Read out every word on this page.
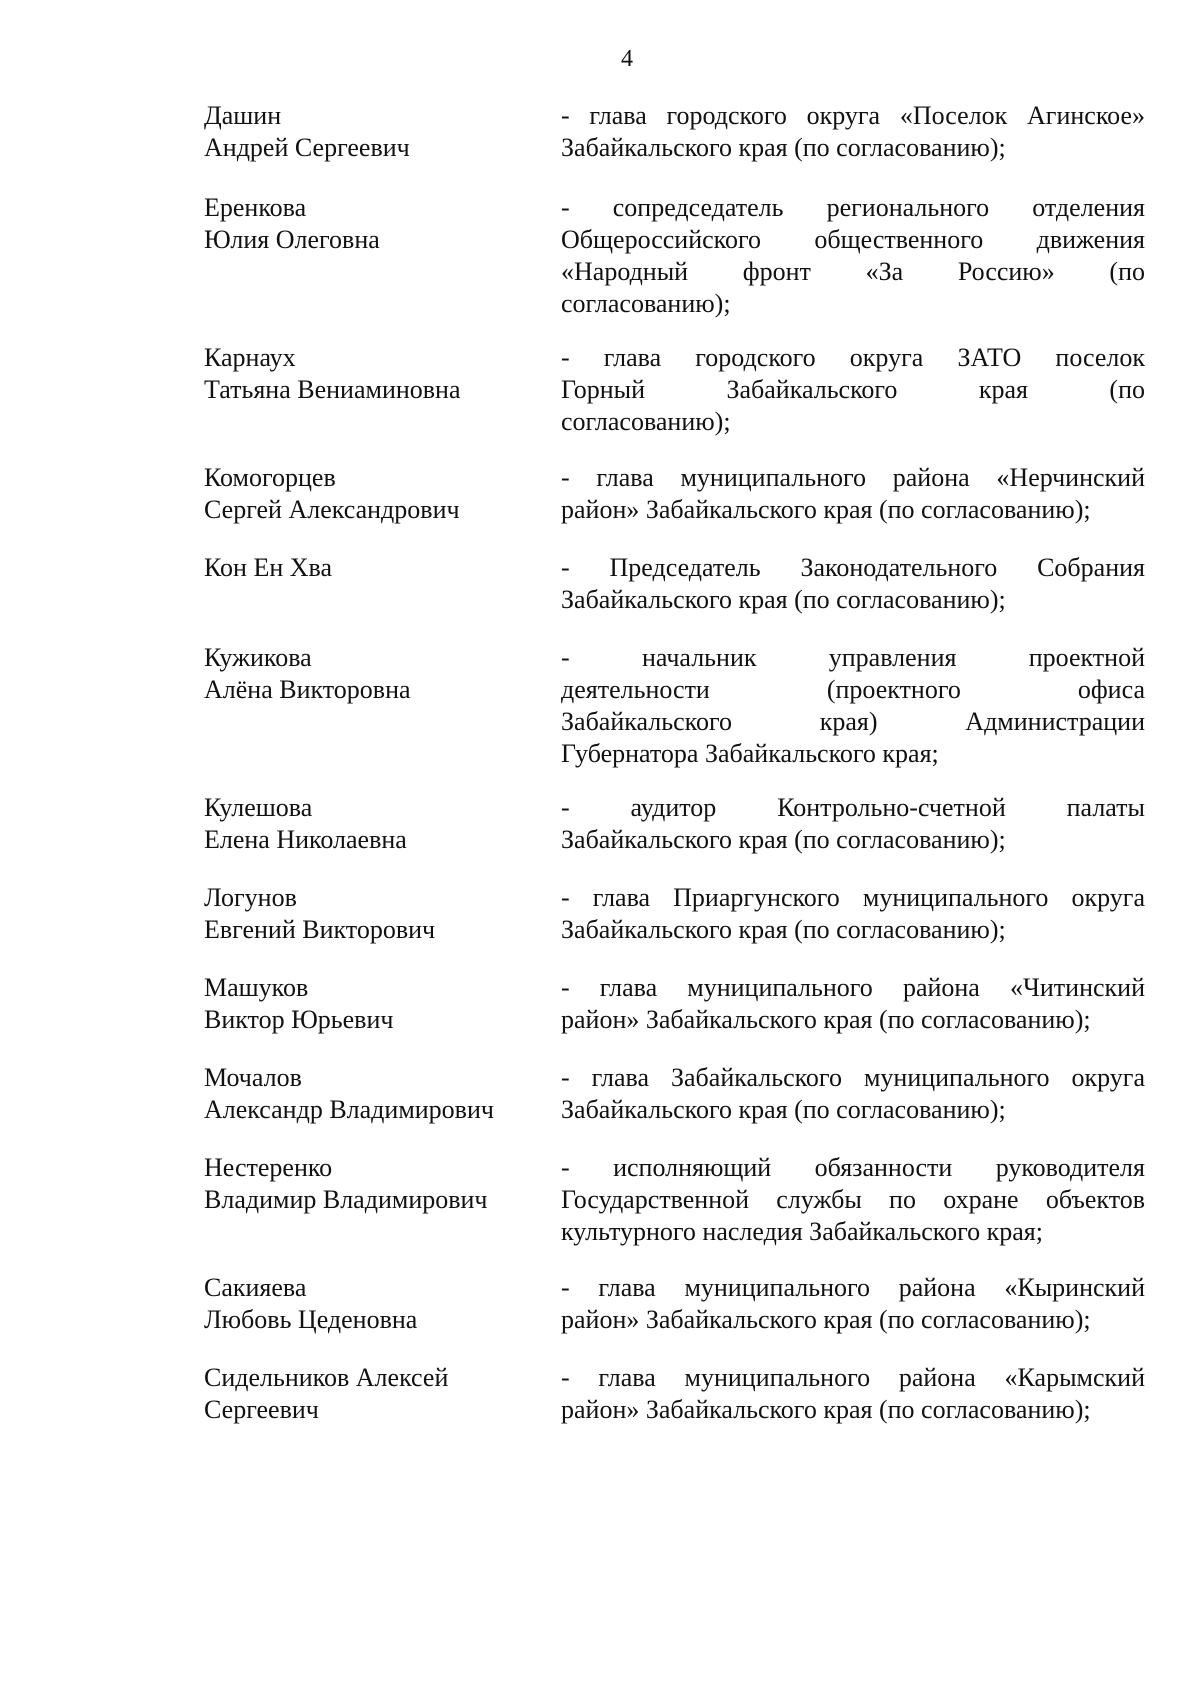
4
Дашин
Андрей Сергеевич
- глава городского округа «Поселок Агинское»
Забайкальского края (по согласованию);
Еренкова
Юлия Олеговна
- сопредседатель регионального отделения
Общероссийского общественного движения
«Народный фронт «За Россию» (по
согласованию);
Карнаух
Татьяна Вениаминовна
- глава городского округа ЗАТО поселок
Горный Забайкальского края (по
согласованию);
Комогорцев
Сергей Александрович
- глава муниципального района «Нерчинский
район» Забайкальского края (по согласованию);
Кон Ен Хва	- Председатель Законодательного Собрания
Забайкальского края (по согласованию);
Кужикова
Алёна Викторовна
- начальник управления проектной
деятельности (проектного офиса
Забайкальского края) Администрации
Губернатора Забайкальского края;
Кулешова
Елена Николаевна
- аудитор Контрольно-счетной палаты
Забайкальского края (по согласованию);
Логунов
Евгений Викторович
- глава Приаргунского муниципального округа
Забайкальского края (по согласованию);
Машуков
Виктор Юрьевич
- глава муниципального района «Читинский
район» Забайкальского края (по согласованию);
Мочалов
Александр Владимирович
- глава Забайкальского муниципального округа
Забайкальского края (по согласованию);
Нестеренко
Владимир Владимирович
- исполняющий обязанности руководителя
Государственной службы по охране объектов
культурного наследия Забайкальского края;
Сакияева
Любовь Цеденовна
- глава муниципального района «Кыринский
район» Забайкальского края (по согласованию);
Сидельников Алексей
Сергеевич
- глава муниципального района «Карымский
район» Забайкальского края (по согласованию);
